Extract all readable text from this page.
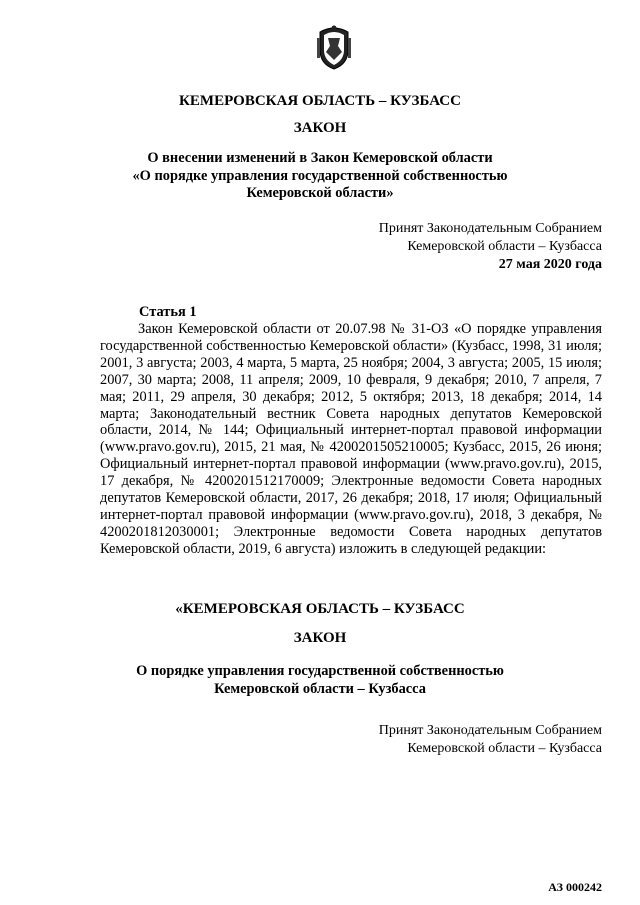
КЕМЕРОВСКАЯ ОБЛАСТЬ – КУЗБАСС
ЗАКОН
О внесении изменений в Закон Кемеровской области
«О порядке управления государственной собственностью
Кемеровской области»
Принят Законодательным Собранием
Кемеровской области – Кузбасса
27 мая 2020 года
Статья 1

Закон Кемеровской области от 20.07.98 № 31-ОЗ «О порядке управления государственной собственностью Кемеровской области» (Кузбасс, 1998, 31 июля; 2001, 3 августа; 2003, 4 марта, 5 марта, 25 ноября; 2004, 3 августа; 2005, 15 июля; 2007, 30 марта; 2008, 11 апреля; 2009, 10 февраля, 9 декабря; 2010, 7 апреля, 7 мая; 2011, 29 апреля, 30 декабря; 2012, 5 октября; 2013, 18 декабря; 2014, 14 марта; Законодательный вестник Совета народных депутатов Кемеровской области, 2014, № 144; Официальный интернет-портал правовой информации (www.pravo.gov.ru), 2015, 21 мая, № 4200201505210005; Кузбасс, 2015, 26 июня; Официальный интернет-портал правовой информации (www.pravo.gov.ru), 2015, 17 декабря, № 4200201512170009; Электронные ведомости Совета народных депутатов Кемеровской области, 2017, 26 декабря; 2018, 17 июля; Официальный интернет-портал правовой информации (www.pravo.gov.ru), 2018, 3 декабря, № 4200201812030001; Электронные ведомости Совета народных депутатов Кемеровской области, 2019, 6 августа) изложить в следующей редакции:

«КЕМЕРОВСКАЯ ОБЛАСТЬ – КУЗБАСС
ЗАКОН
О порядке управления государственной собственностью
Кемеровской области – Кузбасса
Принят Законодательным Собранием
Кемеровской области – Кузбасса
АЗ 000242
